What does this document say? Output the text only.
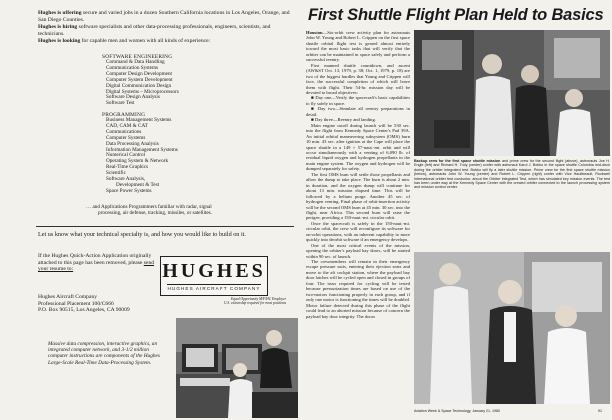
Hughes is offering secure and varied jobs in a dozen Southern California locations in Los Angeles, Orange, and San Diego Counties.

Hughes is hiring software specialists and other data-processing professionals, engineers, scientists, and technicians.

Hughes is looking for capable men and women with all kinds of experience:

SOFTWARE ENGINEERING

Command & Data Handling
Communication Systems
Computer Design Development
Computer System Development
Digital Communication Design
Digital Systems – Microprocessors
Software Design Analysis
Software Test

PROGRAMMING

Business Management Systems
CAD, CAM & CAT
Communications
Computer Systems
Data Processing Analysis
Information Management Systems
Numerical Control
Operating System & Network
Real-Time Graphics
Scientific
Software Analysis,
Development & Test
Space Power Systems

… and Applications Programmers familiar with radar, signal

processing, air defense, tracking, missiles, or satellites.

Let us know what your technical specialty is, and how you would like to build on it.

If the Hughes Quick-Action Application originally attached to this page has been removed, please send your resume to:

Hughes Aircraft Company

Professional Placement 100/C666

P.O. Box 90515, Los Angeles, CA 90009

HUGHES
HUGHES AIRCRAFT COMPANY
Equal Opportunity M/F/HC Employer
U.S. citizenship required for most positions
Massive data compression, interactive graphics, an integrated computer network, and 3-1/2 million computer instructions are components of the Hughes Large-Scale Real-Time Data-Processing System.
First Shuttle Flight Plan Held to Basics

Houston—Six-orbit crew activity plan for astronauts John W. Young and Robert L. Crippen on the first space shuttle orbital flight test is geared almost entirely toward the most basic tasks that will verify that the orbiter can be maintained in space safely and perform a successful reentry.

First manned shuttle countdown, and ascent (AW&ST Oct. 13, 1979, p. 38; Oct. 1, 1979, p. 18) are two of the biggest hurdles that Young and Crippen will face, the successful completion of which will leave them with flight. Their 54-hr. mission day will be devoted to broad objectives:

■ Day one—Verify the spacecraft's basic capabilities to fly safely in space.

■ Day two—Simulate all reentry preparations in detail.

■ Day three—Reentry and landing.

Main engine cutoff during launch will be 530 sec. into the flight from Kennedy Space Center's Pad 39A. An initial orbital maneuvering subsystem (OMS) burn 10 min. 43 sec. after ignition at the Cape will place the space shuttle in a 149 × 57-naut.-mi. orbit and will occur simultaneously with a venting of 6,090 lb. of residual liquid oxygen and hydrogen propellants in the main engine system. The oxygen and hydrogen will be dumped separately for safety.

The first OMS burn will settle those propellants and allow the dump to take place. The burn is about 2 min. in duration, and the oxygen dump will continue for about 13 min. mission elapsed time. This will be followed by a helium purge. Another 45 sec. of hydrogen venting. Final phase of orbit-insertion activity will be the second OMS burn at 45 min. 30 sec. into the flight, near Africa. This second burn will raise the perigee, providing a 150-naut.-mi. circular orbit.

Once the spacecraft is safely in the 150-naut.-mi. circular orbit, the crew will reconfigure its software for on-orbit operations, with an inherent capability to more quickly into deorbit software if an emergency develops.

One of the most critical events of the mission, opening the orbiter's payload bay doors, will be started within 90 sec. of launch.

The crewmembers will remain in their emergency escape pressure suits, entering their ejection seats and move to the aft cockpit station, where the payload bay door latches will be cycled open and closed in groups of four. The truss required for cycling will be tested because pressurization times are based on use of the two-motors functioning properly in each group, and if only one motor is functioning the times will be doubled. Motor failure detected during this phase of the flight could lead to an aborted mission because of concern the payload bay door integrity. The doors

Backup crew for the first space shuttle mission and prime crew for the second flight (above), astronauts Joe H. Engle (left) and Richard H. Truly (center) confer with astronaut Karol J. Bobko in the space shuttle Columbia mid-deck during the orbiter integrated test. Bobko will fly a later shuttle mission. Prime crew for the first space shuttle mission (below), astronauts John W. Young (center) and Robert L. Crippen (right) confer with Vice Haultbeault, Rockwell International orbiter test conductor, about the Orbiter Integrated Test, which has simulated key mission events. The test has been under way at the Kennedy Space Center with the crewed orbiter connected to the launch processing system and mission control center.
Aviation Week & Space Technology, January 21, 1980	91
